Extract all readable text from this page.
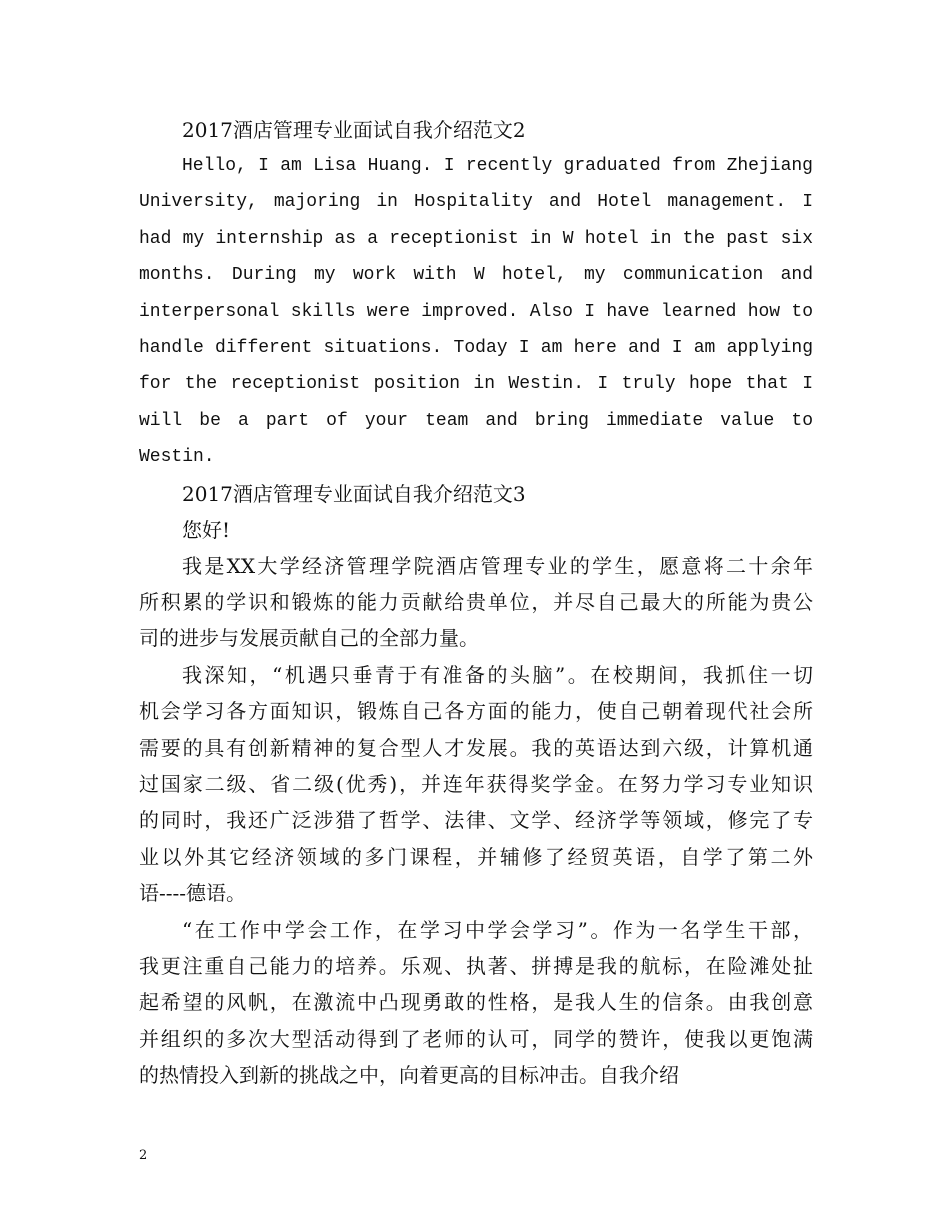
2017酒店管理专业面试自我介绍范文2

Hello, I am Lisa Huang. I recently graduated from Zhejiang University, majoring in Hospitality and Hotel management. I had my internship as a receptionist in W hotel in the past six months. During my work with W hotel, my communication and interpersonal skills were improved. Also I have learned how to handle different situations. Today I am here and I am applying for the receptionist position in Westin. I truly hope that I will be a part of your team and bring immediate value to Westin.

2017酒店管理专业面试自我介绍范文3

您好!

我是XX大学经济管理学院酒店管理专业的学生，愿意将二十余年
所积累的学识和锻炼的能力贡献给贵单位，并尽自己最大的所能为贵公
司的进步与发展贡献自己的全部力量。
我深知，“机遇只垂青于有准备的头脑”。在校期间，我抓住一切
机会学习各方面知识，锻炼自己各方面的能力，使自己朝着现代社会所
需要的具有创新精神的复合型人才发展。我的英语达到六级，计算机通
过国家二级、省二级(优秀)，并连年获得奖学金。在努力学习专业知识
的同时，我还广泛涉猎了哲学、法律、文学、经济学等领域，修完了专
业以外其它经济领域的多门课程，并辅修了经贸英语，自学了第二外
语----德语。
“在工作中学会工作，在学习中学会学习”。作为一名学生干部，
我更注重自己能力的培养。乐观、执著、拼搏是我的航标，在险滩处扯
起希望的风帆，在激流中凸现勇敢的性格，是我人生的信条。由我创意
并组织的多次大型活动得到了老师的认可，同学的赞许，使我以更饱满
的热情投入到新的挑战之中，向着更高的目标冲击。自我介绍
2
